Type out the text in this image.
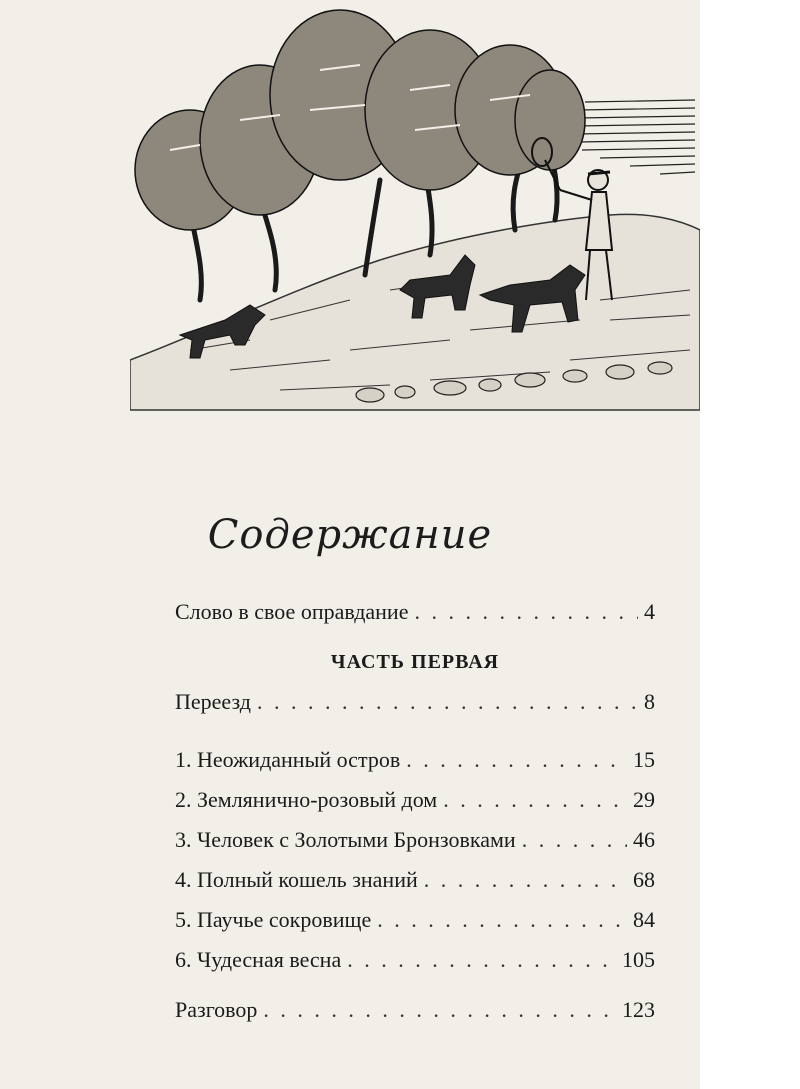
Содержание
Слово в свое оправдание . . .	4
ЧАСТЬ ПЕРВАЯ
Переезд . . .	8
1. Неожиданный остров . . .	15
2. Землянично-розовый дом . . .	29
3. Человек с Золотыми Бронзовками . . .	46
4. Полный кошель знаний . . .	68
5. Паучье сокровище . . .	84
6. Чудесная весна . . .	105
Разговор . . .	123
